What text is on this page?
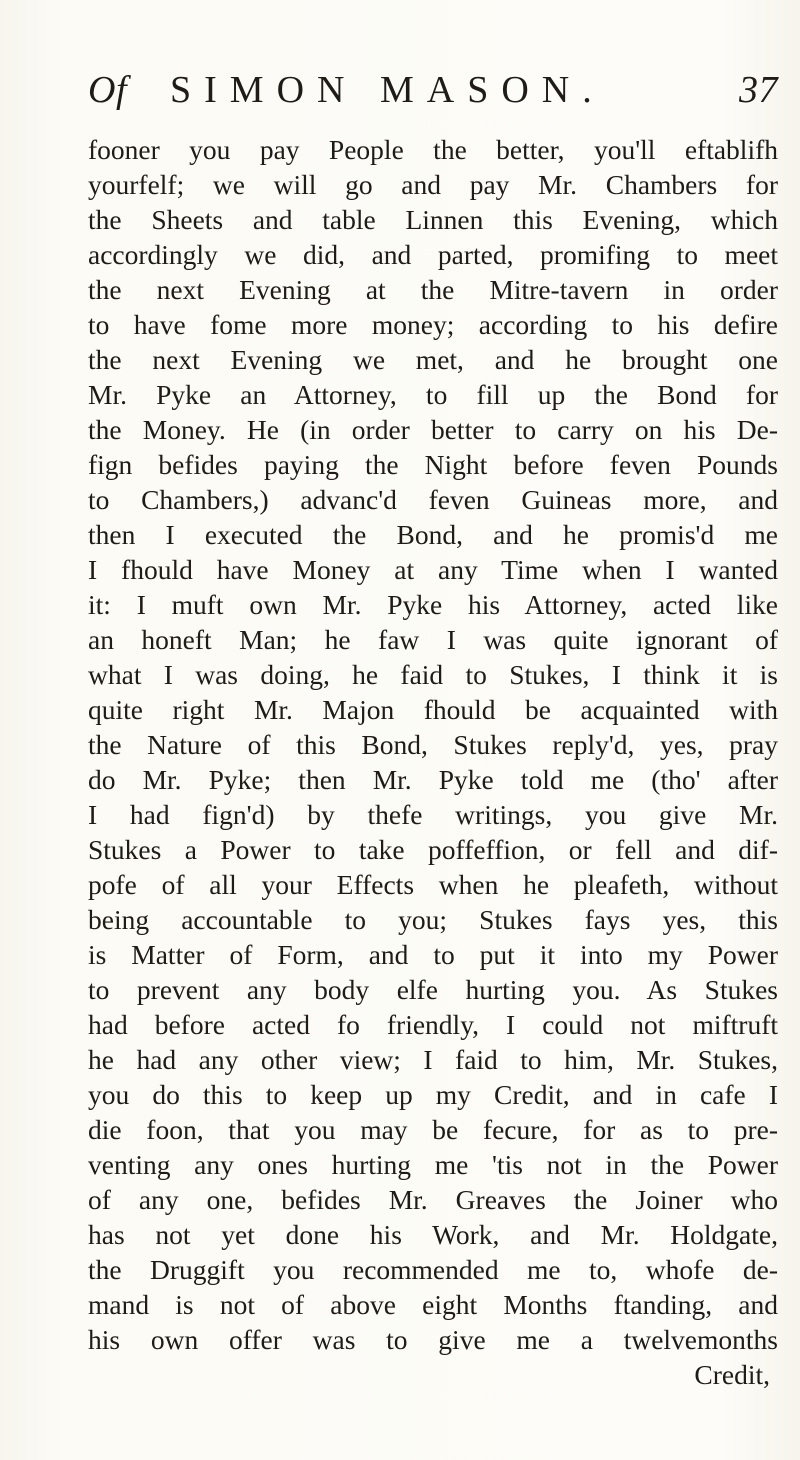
Of SIMON MASON.	37
fooner you pay People the better, you'll eftablifh
yourfelf; we will go and pay Mr. Chambers for
the Sheets and table Linnen this Evening, which
accordingly we did, and parted, promifing to meet
the next Evening at the Mitre-tavern in order
to have fome more money; according to his defire
the next Evening we met, and he brought one
Mr. Pyke an Attorney, to fill up the Bond for
the Money. He (in order better to carry on his De-
fign befides paying the Night before feven Pounds
to Chambers,) advanc'd feven Guineas more, and
then I executed the Bond, and he promis'd me
I fhould have Money at any Time when I wanted
it: I muft own Mr. Pyke his Attorney, acted like
an honeft Man; he faw I was quite ignorant of
what I was doing, he faid to Stukes, I think it is
quite right Mr. Majon fhould be acquainted with
the Nature of this Bond, Stukes reply'd, yes, pray
do Mr. Pyke; then Mr. Pyke told me (tho' after
I had fign'd) by thefe writings, you give Mr.
Stukes a Power to take poffeffion, or fell and dif-
pofe of all your Effects when he pleafeth, without
being accountable to you; Stukes fays yes, this
is Matter of Form, and to put it into my Power
to prevent any body elfe hurting you. As Stukes
had before acted fo friendly, I could not miftruft
he had any other view; I faid to him, Mr. Stukes,
you do this to keep up my Credit, and in cafe I
die foon, that you may be fecure, for as to pre-
venting any ones hurting me 'tis not in the Power
of any one, befides Mr. Greaves the Joiner who
has not yet done his Work, and Mr. Holdgate,
the Druggift you recommended me to, whofe de-
mand is not of above eight Months ftanding, and
his own offer was to give me a twelvemonths
Credit,
